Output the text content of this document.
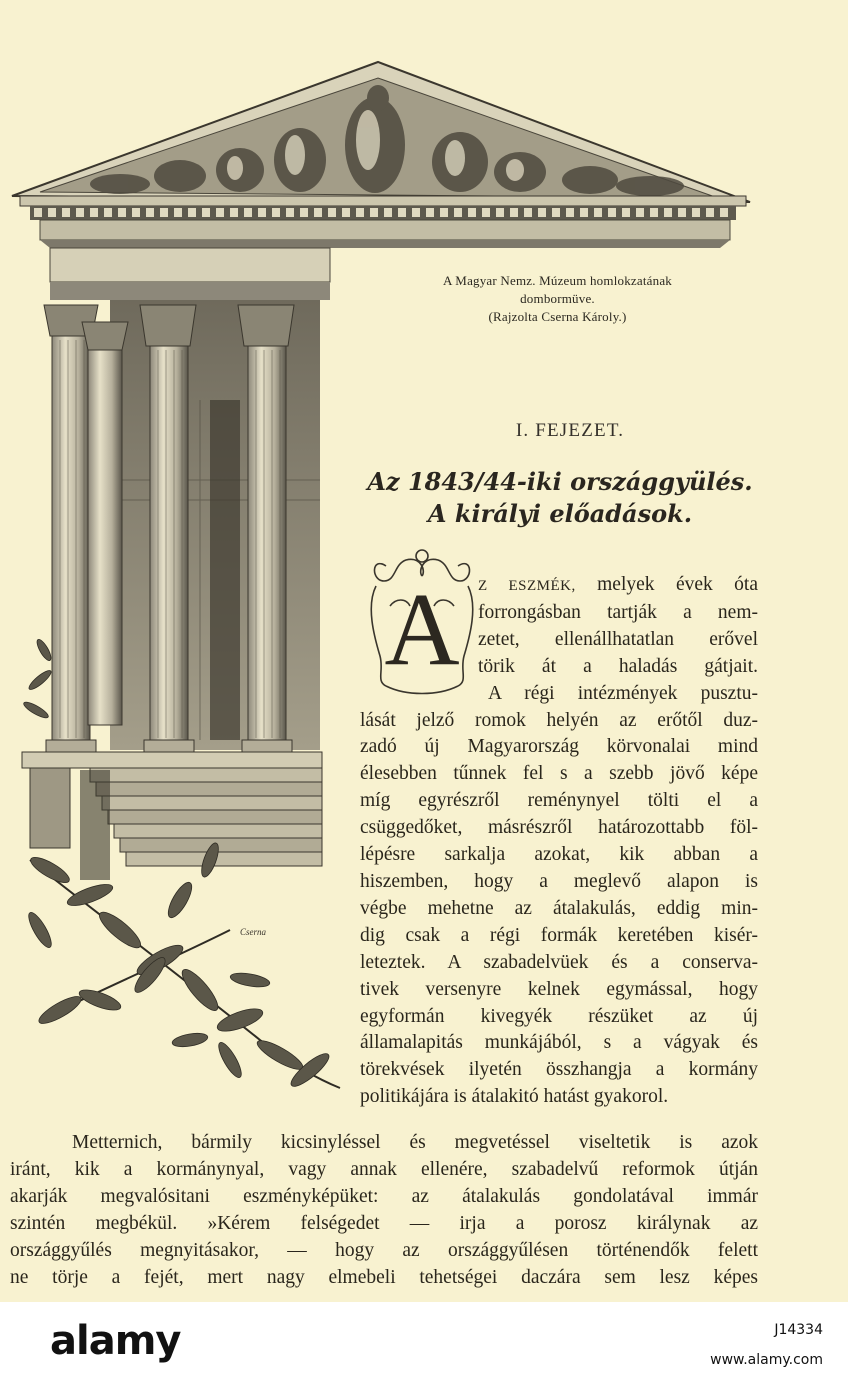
Cserna
A Magyar Nemz. Múzeum homlokzatának
dombormüve.
(Rajzolta Cserna Károly.)
I. FEJEZET.
Az 1843/44-iki országgyülés.
A királyi előadások.
A Z ESZMÉK, melyek évek óta
forrongásban tartják a nem-
zetet, ellenállhatatlan erővel
törik át a haladás gátjait.
A régi intézmények pusztu-
lását jelző romok helyén az erőtől duz-
zadó új Magyarország körvonalai mind
élesebben tűnnek fel s a szebb jövő képe
míg egyrészről reménynyel tölti el a
csüggedőket, másrészről határozottabb föl-
lépésre sarkalja azokat, kik abban a
hiszemben, hogy a meglevő alapon is
végbe mehetne az átalakulás, eddig min-
dig csak a régi formák keretében kisér-
leteztek. A szabadelvüek és a conserva-
tivek versenyre kelnek egymással, hogy
egyformán kivegyék részüket az új
államalapitás munkájából, s a vágyak és
törekvések ilyetén összhangja a kormány
politikájára is átalakitó hatást gyakorol.
Metternich, bármily kicsinyléssel és megvetéssel viseltetik is azok
iránt, kik a kormánynyal, vagy annak ellenére, szabadelvű reformok útján
akarják megvalósitani eszményképüket: az átalakulás gondolatával immár
szintén megbékül. »Kérem felségedet — irja a porosz királynak az
országgyűlés megnyitásakor, — hogy az országgyűlésen történendők felett
ne törje a fejét, mert nagy elmebeli tehetségei daczára sem lesz képes
alamy	J14334
www.alamy.com
